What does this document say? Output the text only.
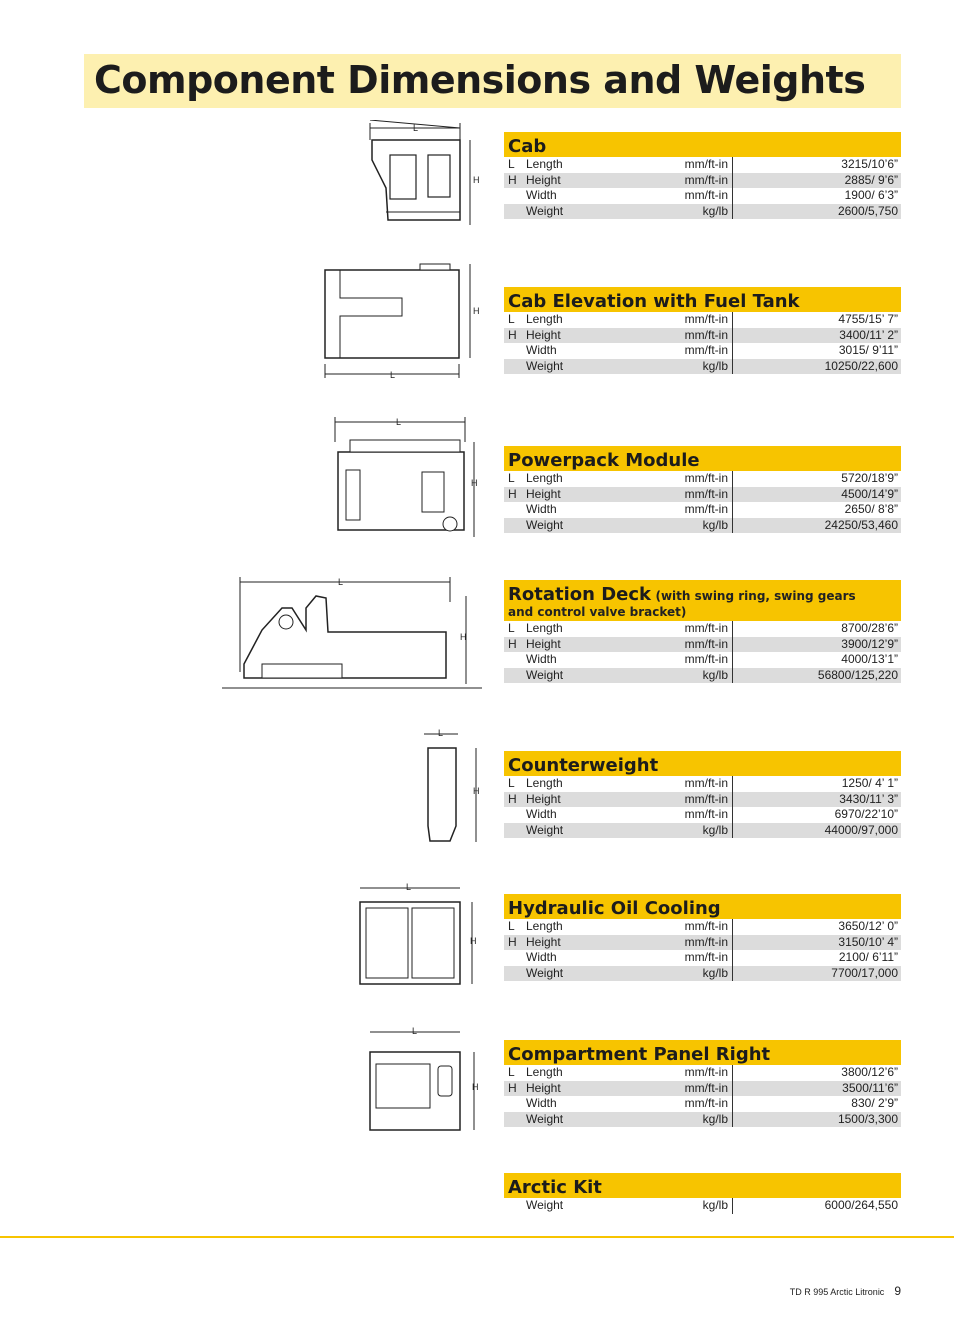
Component Dimensions and Weights
L
H
H
L
L
H
L
H
L
H
L
H
L
H
Cab
L Length	mm/ft-in	3215/10’6”
H Height	mm/ft-in	2885/ 9’6”
Width	mm/ft-in	1900/ 6’3”
Weight	kg/lb	2600/5,750
Cab Elevation with Fuel Tank
L Length	mm/ft-in	4755/15’ 7”
H Height	mm/ft-in	3400/11’ 2”
Width	mm/ft-in	3015/ 9’11”
Weight	kg/lb	10250/22,600
Powerpack Module
L Length	mm/ft-in	5720/18’9”
H Height	mm/ft-in	4500/14’9”
Width	mm/ft-in	2650/ 8’8”
Weight	kg/lb	24250/53,460
Rotation Deck (with swing ring, swing gears
and control valve bracket)
L Length	mm/ft-in	8700/28’6”
H Height	mm/ft-in	3900/12’9”
Width	mm/ft-in	4000/13’1”
Weight	kg/lb	56800/125,220
Counterweight
L Length	mm/ft-in	1250/ 4’ 1”
H Height	mm/ft-in	3430/11’ 3”
Width	mm/ft-in	6970/22’10”
Weight	kg/lb	44000/97,000
Hydraulic Oil Cooling
L Length	mm/ft-in	3650/12’ 0”
H Height	mm/ft-in	3150/10’ 4”
Width	mm/ft-in	2100/ 6’11”
Weight	kg/lb	7700/17,000
Compartment Panel Right
L Length	mm/ft-in	3800/12’6”
H Height	mm/ft-in	3500/11’6”
Width	mm/ft-in	830/ 2’9”
Weight	kg/lb	1500/3,300
Arctic Kit
Weight	kg/lb	6000/264,550
TD R 995 Arctic Litronic 9
